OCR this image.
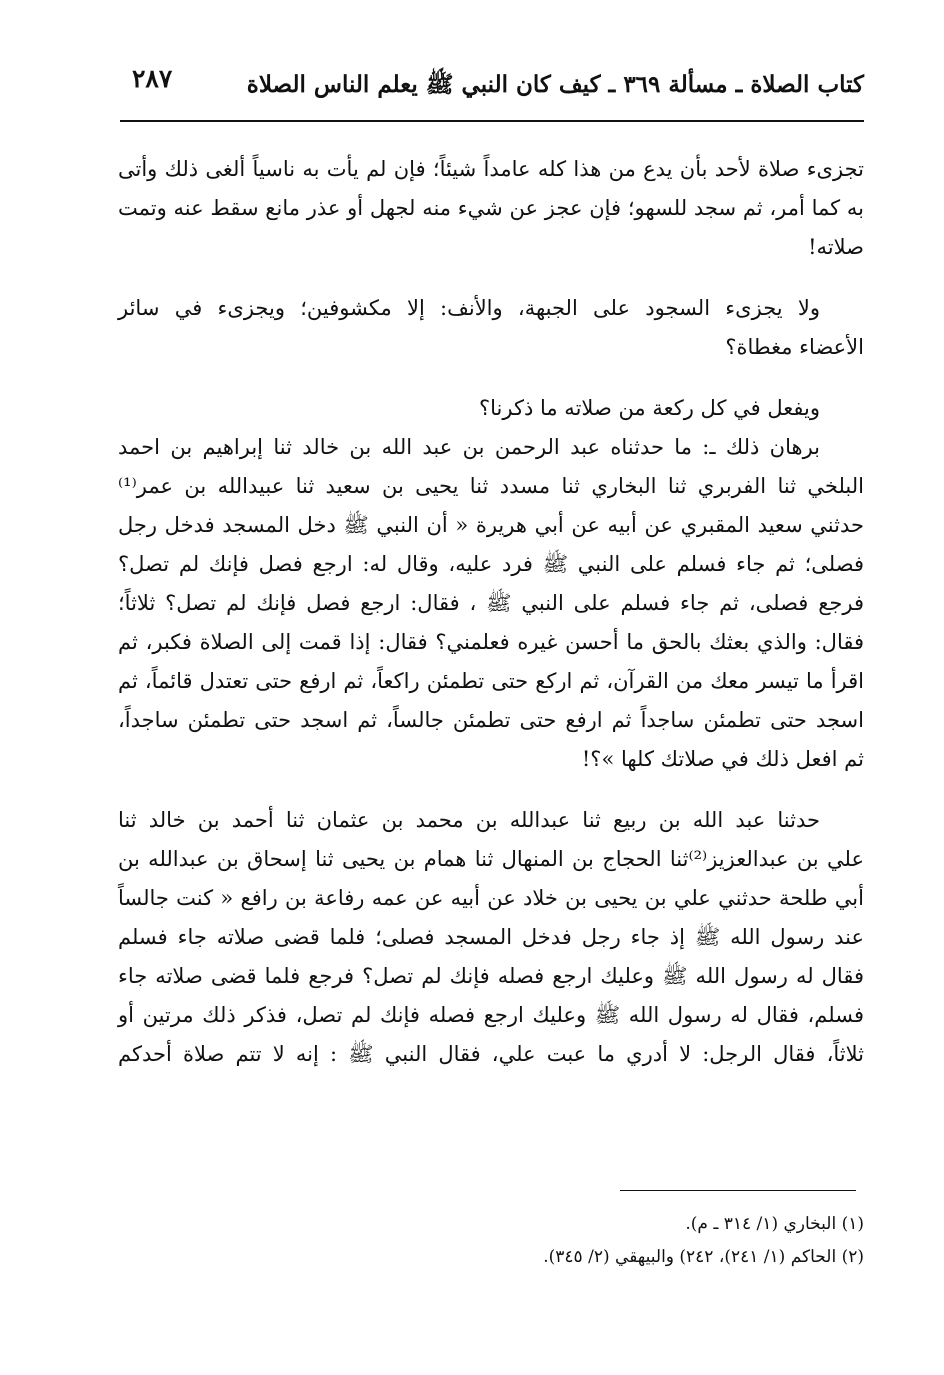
كتاب الصلاة ـ مسألة ٣٦٩ ـ كيف كان النبي ﷺ يعلم الناس الصلاة
٢٨٧
تجزىء صلاة لأحد بأن يدع من هذا كله عامداً شيئاً؛ فإن لم يأت به ناسياً ألغى ذلك وأتى
به كما أمر، ثم سجد للسهو؛ فإن عجز عن شيء منه لجهل أو عذر مانع سقط عنه وتمت
صلاته!
ولا يجزىء السجود على الجبهة، والأنف: إلا مكشوفين؛ ويجزىء في سائر
الأعضاء مغطاة؟
ويفعل في كل ركعة من صلاته ما ذكرنا؟
برهان ذلك ـ: ما حدثناه عبد الرحمن بن عبد الله بن خالد ثنا إبراهيم بن احمد
البلخي ثنا الفربري ثنا البخاري ثنا مسدد ثنا يحيى بن سعيد ثنا عبيدالله بن عمر⁽¹⁾
حدثني سعيد المقبري عن أبيه عن أبي هريرة « أن النبي ﷺ دخل المسجد فدخل رجل
فصلى؛ ثم جاء فسلم على النبي ﷺ فرد عليه، وقال له: ارجع فصل فإنك لم تصل؟
فرجع فصلى، ثم جاء فسلم على النبي ﷺ ، فقال: ارجع فصل فإنك لم تصل؟ ثلاثاً؛
فقال: والذي بعثك بالحق ما أحسن غيره فعلمني؟ فقال: إذا قمت إلى الصلاة فكبر، ثم
اقرأ ما تيسر معك من القرآن، ثم اركع حتى تطمئن راكعاً، ثم ارفع حتى تعتدل قائماً، ثم
اسجد حتى تطمئن ساجداً ثم ارفع حتى تطمئن جالساً، ثم اسجد حتى تطمئن ساجداً،
ثم افعل ذلك في صلاتك كلها »؟!
حدثنا عبد الله بن ربيع ثنا عبدالله بن محمد بن عثمان ثنا أحمد بن خالد ثنا
علي بن عبدالعزيز⁽²⁾ثنا الحجاج بن المنهال ثنا همام بن يحيى ثنا إسحاق بن عبدالله بن
أبي طلحة حدثني علي بن يحيى بن خلاد عن أبيه عن عمه رفاعة بن رافع « كنت جالساً
عند رسول الله ﷺ إذ جاء رجل فدخل المسجد فصلى؛ فلما قضى صلاته جاء فسلم
فقال له رسول الله ﷺ وعليك ارجع فصله فإنك لم تصل؟ فرجع فلما قضى صلاته جاء
فسلم، فقال له رسول الله ﷺ وعليك ارجع فصله فإنك لم تصل، فذكر ذلك مرتين أو
ثلاثاً، فقال الرجل: لا أدري ما عبت علي، فقال النبي ﷺ : إنه لا تتم صلاة أحدكم
(١) البخاري (١/ ٣١٤ ـ م).
(٢) الحاكم (١/ ٢٤١)، ٢٤٢) والبيهقي (٢/ ٣٤٥).
